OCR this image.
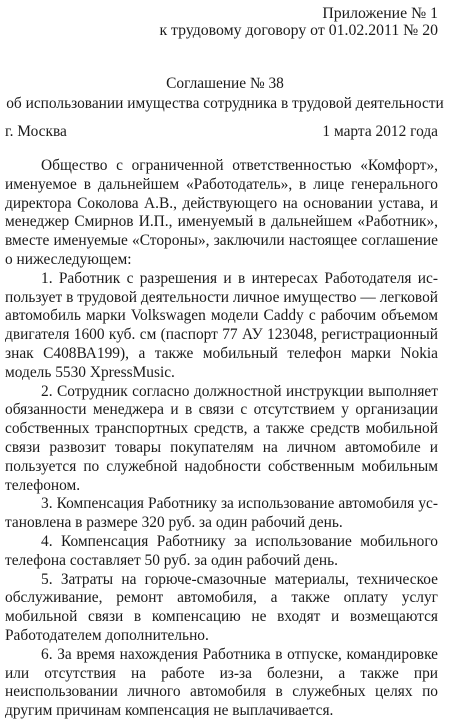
Приложение № 1
к трудовому договору от 01.02.2011 № 20
Соглашение № 38
об использовании имущества сотрудника в трудовой деятельности
г. Москва	1 марта 2012 года

Общество с ограниченной ответственностью «Комфорт», именуемое в дальнейшем «Работодатель», в лице генерального директора Соколова А.В., действующего на основании устава, и менеджер Смирнов И.П., именуемый в дальнейшем «Работник», вместе именуемые «Стороны», заключили настоящее соглашение о нижеследующем:

1. Работник с разрешения и в интересах Работодателя использует в трудовой деятельности личное имущество — легковой автомобиль марки Volkswagen модели Caddy с рабочим объемом двигателя 1600 куб. см (паспорт 77 АУ 123048, регистрационный знак С408ВА199), а также мобильный телефон марки Nokia модель 5530 XpressMusic.

2. Сотрудник согласно должностной инструкции выполняет обязанности менеджера и в связи с отсутствием у организации собственных транспортных средств, а также средств мобильной связи развозит товары покупателям на личном автомобиле и пользуется по служебной надобности собственным мобильным телефоном.

3. Компенсация Работнику за использование автомобиля установлена в размере 320 руб. за один рабочий день.

4. Компенсация Работнику за использование мобильного телефона составляет 50 руб. за один рабочий день.

5. Затраты на горюче-смазочные материалы, техническое обслуживание, ремонт автомобиля, а также оплату услуг мобильной связи в компенсацию не входят и возмещаются Работодателем дополнительно.

6. За время нахождения Работника в отпуске, командировке или отсутствия на работе из-за болезни, а также при неиспользовании личного автомобиля в служебных целях по другим причинам компенсация не выплачивается.
